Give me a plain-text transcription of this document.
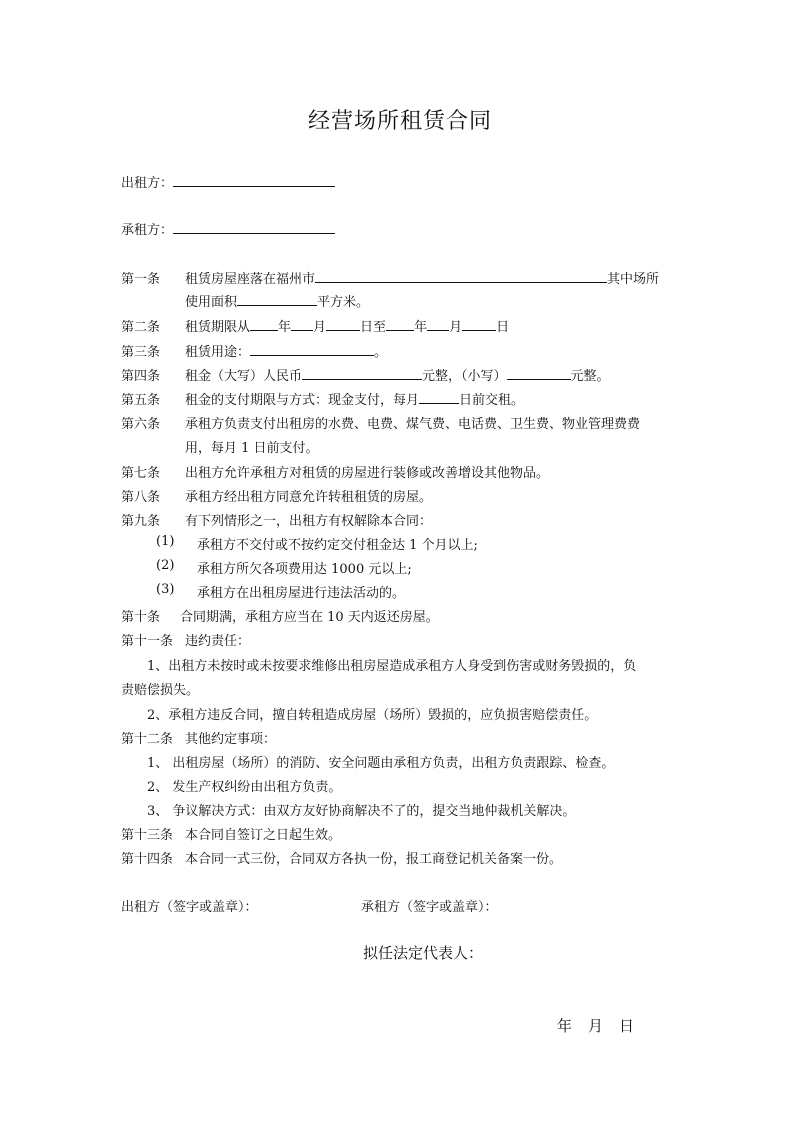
经营场所租赁合同
出租方：
承租方：
第一条 租赁房屋座落在福州市	其中场所
使用面积	平方米。
第二条 租赁期限从 年 月	日至 年 月	日
第三条 租赁用途：	。
第四条 租金（大写）人民币	元整，（小写）	元整。
第五条 租金的支付期限与方式：现金支付，每月	日前交租。
第六条 承租方负责支付出租房的水费、电费、煤气费、电话费、卫生费、物业管理费费
用，每月 1 日前支付。
第七条 出租方允许承租方对租赁的房屋进行装修或改善增设其他物品。
第八条 承租方经出租方同意允许转租租赁的房屋。
第九条 有下列情形之一，出租方有权解除本合同：
(1) 承租方不交付或不按约定交付租金达 1 个月以上;
(2) 承租方所欠各项费用达 1000 元以上;
(3) 承租方在出租房屋进行违法活动的。
第十条 合同期满，承租方应当在 10 天内返还房屋。
第十一条 违约责任：
1、出租方未按时或未按要求维修出租房屋造成承租方人身受到伤害或财务毁损的，负
责赔偿损失。
2、承租方违反合同，擅自转租造成房屋（场所）毁损的，应负损害赔偿责任。
第十二条 其他约定事项：
1、 出租房屋（场所）的消防、安全问题由承租方负责，出租方负责跟踪、检查。
2、 发生产权纠纷由出租方负责。
3、 争议解决方式：由双方友好协商解决不了的，提交当地仲裁机关解决。
第十三条 本合同自签订之日起生效。
第十四条 本合同一式三份，合同双方各执一份，报工商登记机关备案一份。
出租方（签字或盖章）：	承租方（签字或盖章）：
拟任法定代表人：
年 月 日
